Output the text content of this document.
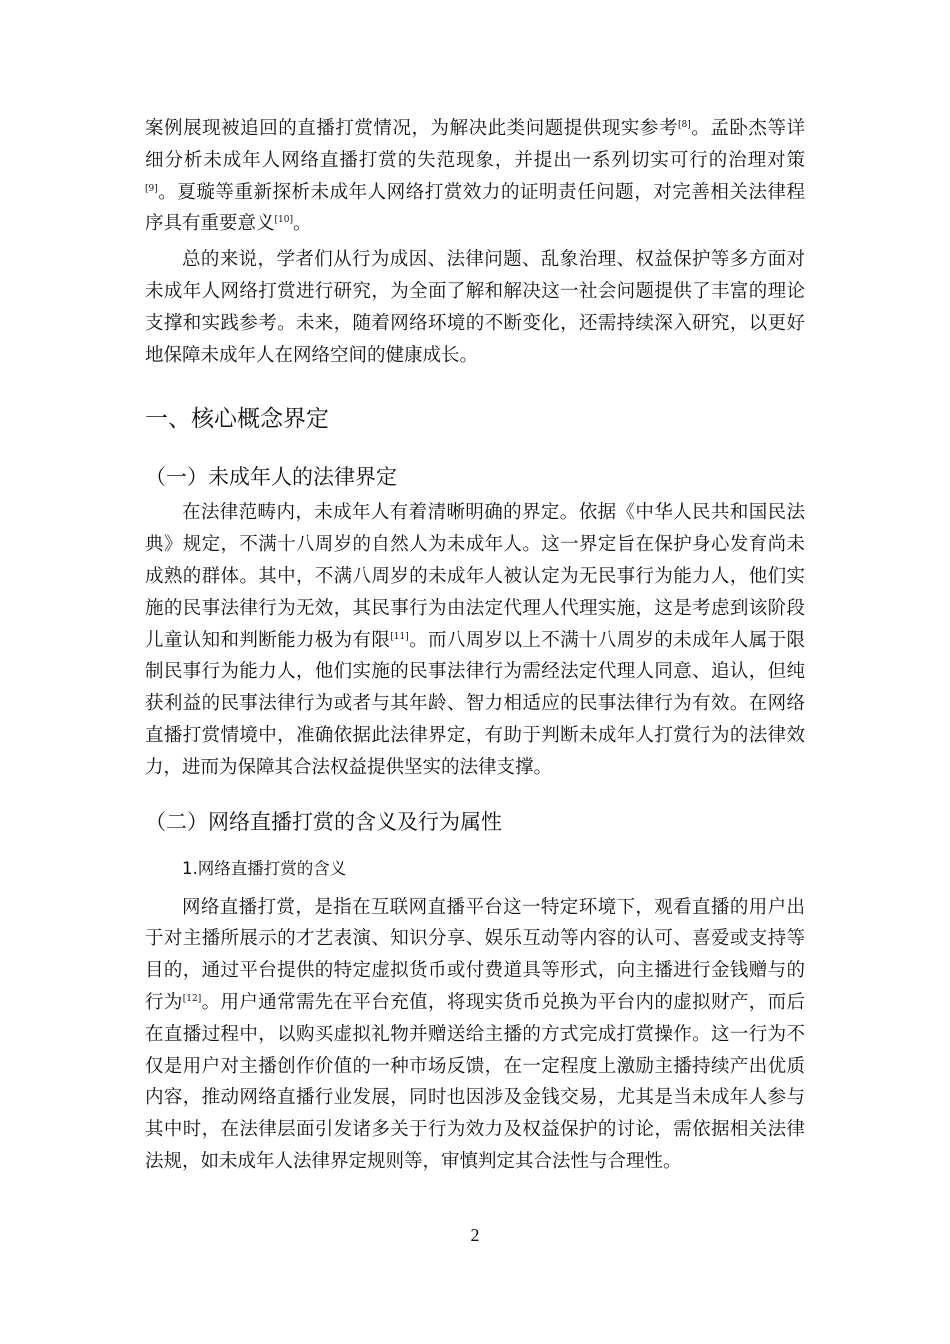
案例展现被追回的直播打赏情况，为解决此类问题提供现实参考[8]。孟卧杰等详细分析未成年人网络直播打赏的失范现象，并提出一系列切实可行的治理对策[9]。夏璇等重新探析未成年人网络打赏效力的证明责任问题，对完善相关法律程序具有重要意义[10]。

总的来说，学者们从行为成因、法律问题、乱象治理、权益保护等多方面对未成年人网络打赏进行研究，为全面了解和解决这一社会问题提供了丰富的理论支撑和实践参考。未来，随着网络环境的不断变化，还需持续深入研究，以更好地保障未成年人在网络空间的健康成长。

一、核心概念界定
（一）未成年人的法律界定

在法律范畴内，未成年人有着清晰明确的界定。依据《中华人民共和国民法典》规定，不满十八周岁的自然人为未成年人。这一界定旨在保护身心发育尚未成熟的群体。其中，不满八周岁的未成年人被认定为无民事行为能力人，他们实施的民事法律行为无效，其民事行为由法定代理人代理实施，这是考虑到该阶段儿童认知和判断能力极为有限[11]。而八周岁以上不满十八周岁的未成年人属于限制民事行为能力人，他们实施的民事法律行为需经法定代理人同意、追认，但纯获利益的民事法律行为或者与其年龄、智力相适应的民事法律行为有效。在网络直播打赏情境中，准确依据此法律界定，有助于判断未成年人打赏行为的法律效力，进而为保障其合法权益提供坚实的法律支撑。

（二）网络直播打赏的含义及行为属性
1.网络直播打赏的含义

网络直播打赏，是指在互联网直播平台这一特定环境下，观看直播的用户出于对主播所展示的才艺表演、知识分享、娱乐互动等内容的认可、喜爱或支持等目的，通过平台提供的特定虚拟货币或付费道具等形式，向主播进行金钱赠与的行为[12]。用户通常需先在平台充值，将现实货币兑换为平台内的虚拟财产，而后在直播过程中，以购买虚拟礼物并赠送给主播的方式完成打赏操作。这一行为不仅是用户对主播创作价值的一种市场反馈，在一定程度上激励主播持续产出优质内容，推动网络直播行业发展，同时也因涉及金钱交易，尤其是当未成年人参与其中时，在法律层面引发诸多关于行为效力及权益保护的讨论，需依据相关法律法规，如未成年人法律界定规则等，审慎判定其合法性与合理性。

2
